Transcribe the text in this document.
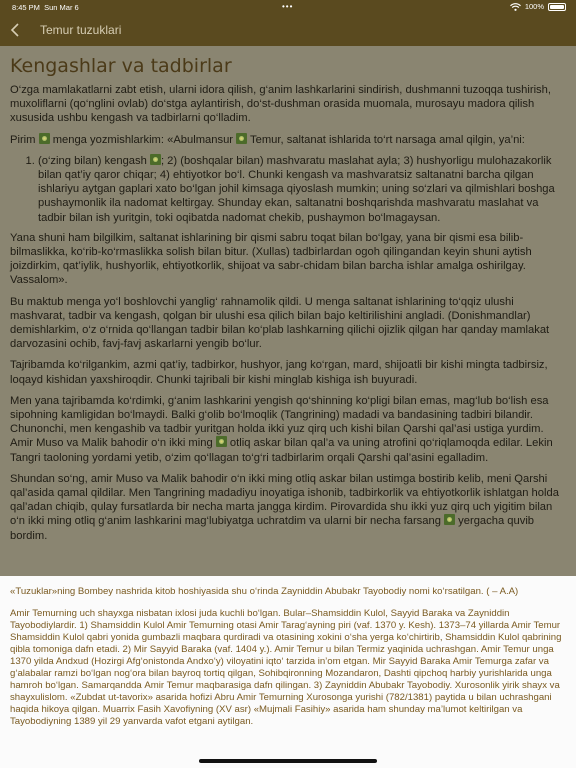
8:45 PM Sun Mar 6	•••	100%
Temur tuzuklari
Kengashlar va tadbirlar

O‘zga mamlakatlarni zabt etish, ularni idora qilish, g‘anim lashkarlarini sindirish, dushmanni tuzoqqa tushirish, muxoliflarni (qo‘nglini ovlab) do‘stga aylantirish, do‘st-dushman orasida muomala, murosayu madora qilish xususida ushbu kengash va tadbirlarni qo‘lladim.

Pirim  menga yozmishlarkim: «Abulmansur  Temur, saltanat ishlarida to‘rt narsaga amal qilgin, ya’ni:

1. (o‘zing bilan) kengash ; 2) (boshqalar bilan) mashvaratu maslahat ayla; 3) hushyorligu mulohazakorlik bilan qat’iy qaror chiqar; 4) ehtiyotkor bo‘l. Chunki kengash va mashvaratsiz saltanatni barcha qilgan ishlariyu aytgan gaplari xato bo‘lgan johil kimsaga qiyoslash mumkin; uning so‘zlari va qilmishlari boshga pushaymonlik ila nadomat keltirgay. Shunday ekan, saltanatni boshqarishda mashvaratu maslahat va tadbir bilan ish yuritgin, toki oqibatda nadomat chekib, pushaymon bo‘lmagaysan.

Yana shuni ham bilgilkim, saltanat ishlarining bir qismi sabru toqat bilan bo‘lgay, yana bir qismi esa bilib-bilmaslikka, ko‘rib-ko‘rmaslikka solish bilan bitur. (Xullas) tadbirlardan ogoh qilingandan keyin shuni aytish joizdirkim, qat’iylik, hushyorlik, ehtiyotkorlik, shijoat va sabr-chidam bilan barcha ishlar amalga oshirilgay. Vassalom».

Bu maktub menga yo‘l boshlovchi yanglig‘ rahnamolik qildi. U menga saltanat ishlarining to‘qqiz ulushi mashvarat, tadbir va kengash, qolgan bir ulushi esa qilich bilan bajo keltirilishini angladi. (Donishmandlar) demishlarkim, o‘z o‘rnida qo‘llangan tadbir bilan ko‘plab lashkarning qilichi ojizlik qilgan har qanday mamlakat darvozasini ochib, favj-favj askarlarni yengib bo‘lur.

Tajribamda ko‘rilgankim, azmi qat’iy, tadbirkor, hushyor, jang ko‘rgan, mard, shijoatli bir kishi mingta tadbirsiz, loqayd kishidan yaxshiroqdir. Chunki tajribali bir kishi minglab kishiga ish buyuradi.

Men yana tajribamda ko‘rdimki, g‘anim lashkarini yengish qo‘shinning ko‘pligi bilan emas, mag‘lub bo‘lish esa sipohning kamligidan bo‘lmaydi. Balki g‘olib bo‘lmoqlik (Tangrining) madadi va bandasining tadbiri bilandir. Chunonchi, men kengashib va tadbir yuritgan holda ikki yuz qirq uch kishi bilan Qarshi qal’asi ustiga yurdim. Amir Muso va Malik bahodir o‘n ikki ming  otliq askar bilan qal’a va uning atrofini qo‘riqlamoqda edilar. Lekin Tangri taoloning yordami yetib, o‘zim qo‘llagan to‘g‘ri tadbirlarim orqali Qarshi qal’asini egalladim.

Shundan so‘ng, amir Muso va Malik bahodir o‘n ikki ming otliq askar bilan ustimga bostirib kelib, meni Qarshi qal’asida qamal qildilar. Men Tangrining madadiyu inoyatiga ishonib, tadbirkorlik va ehtiyotkorlik ishlatgan holda qal’adan chiqib, qulay fursatlarda bir necha marta jangga kirdim. Pirovardida shu ikki yuz qirq uch yigitim bilan o‘n ikki ming otliq g‘anim lashkarini mag‘lubiyatga uchratdim va ularni bir necha farsang  yergacha quvib bordim.

«Tuzuklar»ning Bombey nashrida kitob hoshiyasida shu o‘rinda Zayniddin Abubakr Tayobodiy nomi ko‘rsatilgan. ( – A.A)

Amir Temurning uch shayxga nisbatan ixlosi juda kuchli bo‘lgan. Bular–Shamsiddin Kulol, Sayyid Baraka va Zayniddin Tayobodiylardir. 1) Shamsiddin Kulol Amir Temurning otasi Amir Tarag‘ayning piri (vaf. 1370 y. Kesh). 1373–74 yillarda Amir Temur Shamsiddin Kulol qabri yonida gumbazli maqbara qurdiradi va otasining xokini o‘sha yerga ko‘chirtirib, Shamsiddin Kulol qabrining qibla tomoniga dafn etadi. 2) Mir Sayyid Baraka (vaf. 1404 y.). Amir Temur u bilan Termiz yaqinida uchrashgan. Amir Temur unga 1370 yilda Andxud (Hozirgi Afg‘onistonda Andxo‘y) viloyatini iqto‘ tarzida in’om etgan. Mir Sayyid Baraka Amir Temurga zafar va g‘alabalar ramzi bo‘lgan nog‘ora bilan bayroq tortiq qilgan, Sohibqironning Mozandaron, Dashti qipchoq harbiy yurishlarida unga hamroh bo‘lgan. Samarqanddа Amir Temur maqbarasiga dafn qilingan. 3) Zayniddin Abubakr Tayobodiy. Xurosonlik yirik shayx va shayxulislom. «Zubdat ut-tavorix» asarida hofizi Abru Amir Temurning Xurosonga yurishi (782/1381) paytida u bilan uchrashgani haqida hikoya qilgan. Muarrix Fasih Xavofiyning (XV asr) «Mujmali Fasihiy» asarida ham shunday ma’lumot keltirilgan va Tayobodiyning 1389 yil 29 yanvarda vafot etgani aytilgan.
